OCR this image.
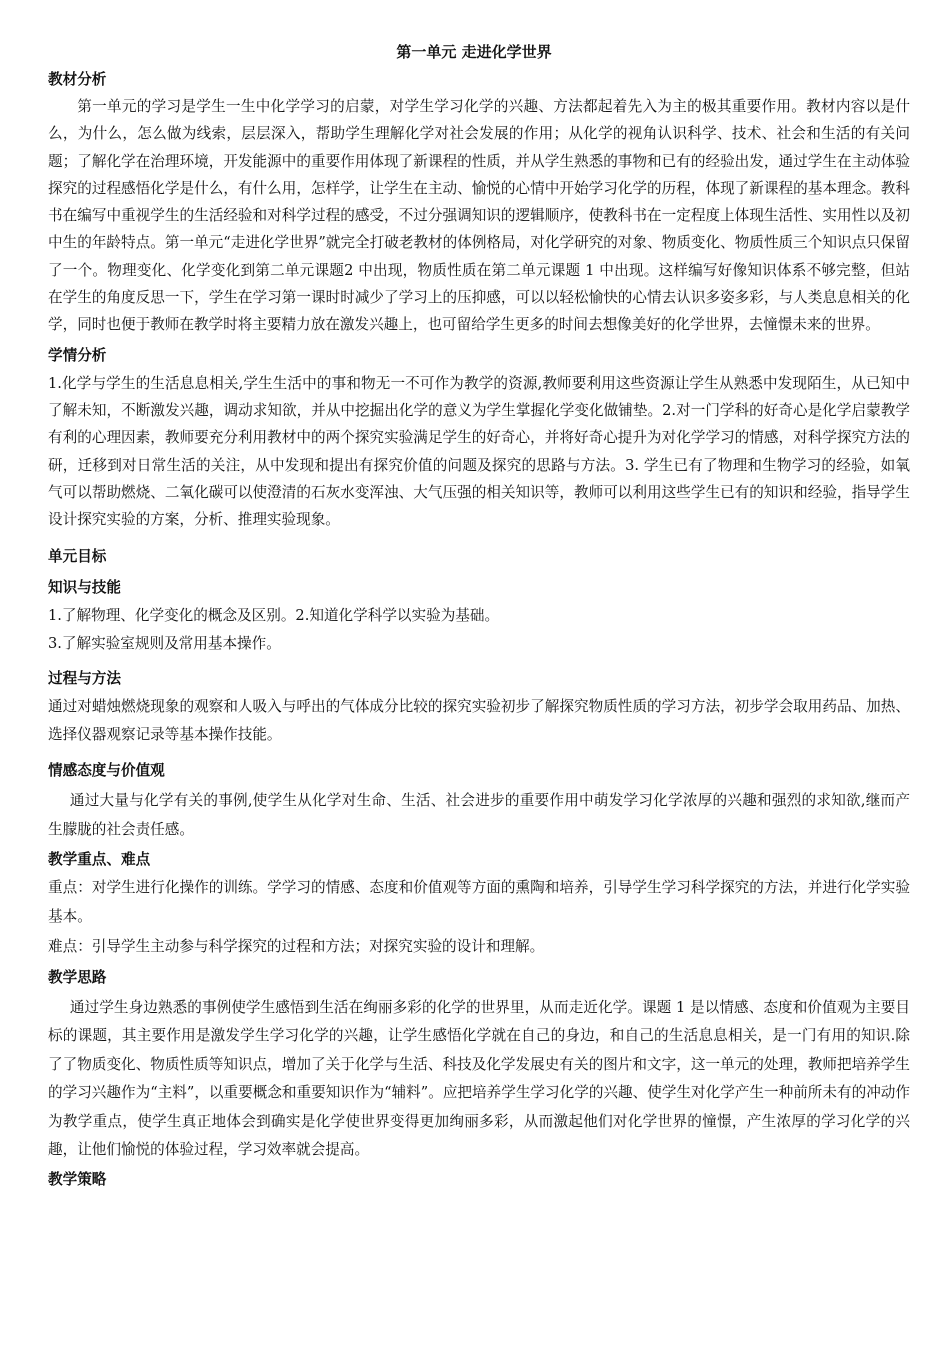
第一单元 走进化学世界
教材分析

第一单元的学习是学生一生中化学学习的启蒙，对学生学习化学的兴趣、方法都起着先入为主的极其重要作用。教材内容以是什么，为什么，怎么做为线索，层层深入，帮助学生理解化学对社会发展的作用；从化学的视角认识科学、技术、社会和生活的有关问题；了解化学在治理环境，开发能源中的重要作用体现了新课程的性质，并从学生熟悉的事物和已有的经验出发，通过学生在主动体验探究的过程感悟化学是什么，有什么用，怎样学，让学生在主动、愉悦的心情中开始学习化学的历程，体现了新课程的基本理念。教科书在编写中重视学生的生活经验和对科学过程的感受，不过分强调知识的逻辑顺序，使教科书在一定程度上体现生活性、实用性以及初中生的年龄特点。第一单元“走进化学世界”就完全打破老教材的体例格局，对化学研究的对象、物质变化、物质性质三个知识点只保留了一个。物理变化、化学变化到第二单元课题2 中出现，物质性质在第二单元课题 1 中出现。这样编写好像知识体系不够完整，但站在学生的角度反思一下，学生在学习第一课时时减少了学习上的压抑感，可以以轻松愉快的心情去认识多姿多彩，与人类息息相关的化学，同时也便于教师在教学时将主要精力放在激发兴趣上，也可留给学生更多的时间去想像美好的化学世界，去憧憬未来的世界。

学情分析

1.化学与学生的生活息息相关,学生生活中的事和物无一不可作为教学的资源,教师要利用这些资源让学生从熟悉中发现陌生，从已知中了解未知，不断激发兴趣，调动求知欲，并从中挖掘出化学的意义为学生掌握化学变化做铺垫。2.对一门学科的好奇心是化学启蒙教学有利的心理因素，教师要充分利用教材中的两个探究实验满足学生的好奇心，并将好奇心提升为对化学学习的情感，对科学探究方法的研，迁移到对日常生活的关注，从中发现和提出有探究价值的问题及探究的思路与方法。3. 学生已有了物理和生物学习的经验，如氧气可以帮助燃烧、二氧化碳可以使澄清的石灰水变浑浊、大气压强的相关知识等，教师可以利用这些学生已有的知识和经验，指导学生设计探究实验的方案，分析、推理实验现象。

单元目标
知识与技能

1.了解物理、化学变化的概念及区别。2.知道化学科学以实验为基础。

3.了解实验室规则及常用基本操作。

过程与方法

通过对蜡烛燃烧现象的观察和人吸入与呼出的气体成分比较的探究实验初步了解探究物质性质的学习方法，初步学会取用药品、加热、选择仪器观察记录等基本操作技能。

情感态度与价值观

通过大量与化学有关的事例,使学生从化学对生命、生活、社会进步的重要作用中萌发学习化学浓厚的兴趣和强烈的求知欲,继而产生朦胧的社会责任感。

教学重点、难点

重点：对学生进行化操作的训练。学学习的情感、态度和价值观等方面的熏陶和培养，引导学生学习科学探究的方法，并进行化学实验基本。

难点：引导学生主动参与科学探究的过程和方法；对探究实验的设计和理解。

教学思路

通过学生身边熟悉的事例使学生感悟到生活在绚丽多彩的化学的世界里，从而走近化学。课题 1 是以情感、态度和价值观为主要目标的课题，其主要作用是激发学生学习化学的兴趣，让学生感悟化学就在自己的身边，和自己的生活息息相关，是一门有用的知识.除了了物质变化、物质性质等知识点，增加了关于化学与生活、科技及化学发展史有关的图片和文字，这一单元的处理，教师把培养学生的学习兴趣作为“主料”，以重要概念和重要知识作为“辅料”。应把培养学生学习化学的兴趣、使学生对化学产生一种前所未有的冲动作为教学重点，使学生真正地体会到确实是化学使世界变得更加绚丽多彩，从而激起他们对化学世界的憧憬，产生浓厚的学习化学的兴趣，让他们愉悦的体验过程，学习效率就会提高。

教学策略
